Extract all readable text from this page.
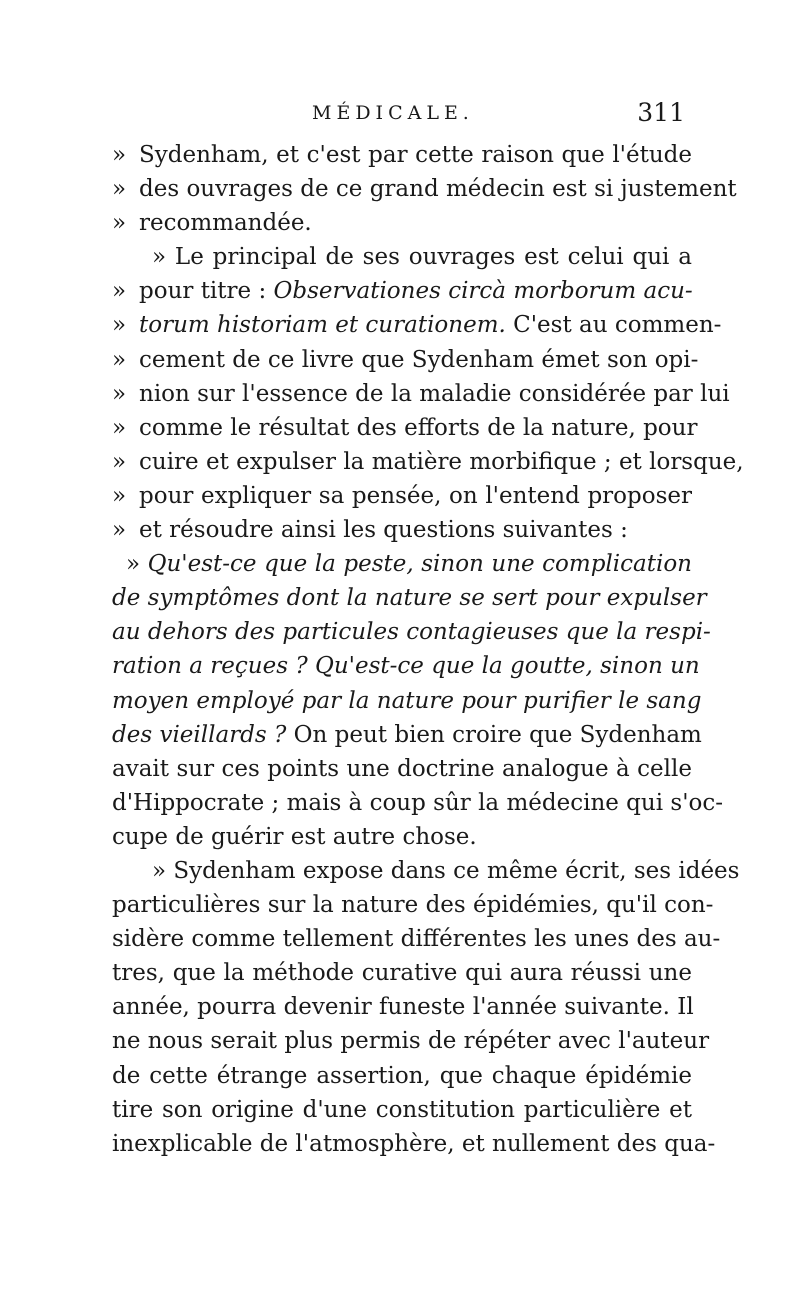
MÉDICALE.	311
» Sydenham, et c'est par cette raison que l'étude
» des ouvrages de ce grand médecin est si justement
» recommandée.
» Le principal de ses ouvrages est celui qui a
» pour titre : Observationes circà morborum acu-
» torum historiam et curationem. C'est au commen-
» cement de ce livre que Sydenham émet son opi-
» nion sur l'essence de la maladie considérée par lui
» comme le résultat des efforts de la nature, pour
» cuire et expulser la matière morbifique ; et lorsque,
» pour expliquer sa pensée, on l'entend proposer
» et résoudre ainsi les questions suivantes :
» Qu'est-ce que la peste, sinon une complication
de symptômes dont la nature se sert pour expulser
au dehors des particules contagieuses que la respi-
ration a reçues ? Qu'est-ce que la goutte, sinon un
moyen employé par la nature pour purifier le sang
des vieillards ? On peut bien croire que Sydenham
avait sur ces points une doctrine analogue à celle
d'Hippocrate ; mais à coup sûr la médecine qui s'oc-
cupe de guérir est autre chose.
» Sydenham expose dans ce même écrit, ses idées
particulières sur la nature des épidémies, qu'il con-
sidère comme tellement différentes les unes des au-
tres, que la méthode curative qui aura réussi une
année, pourra devenir funeste l'année suivante. Il
ne nous serait plus permis de répéter avec l'auteur
de cette étrange assertion, que chaque épidémie
tire son origine d'une constitution particulière et
inexplicable de l'atmosphère, et nullement des qua-
